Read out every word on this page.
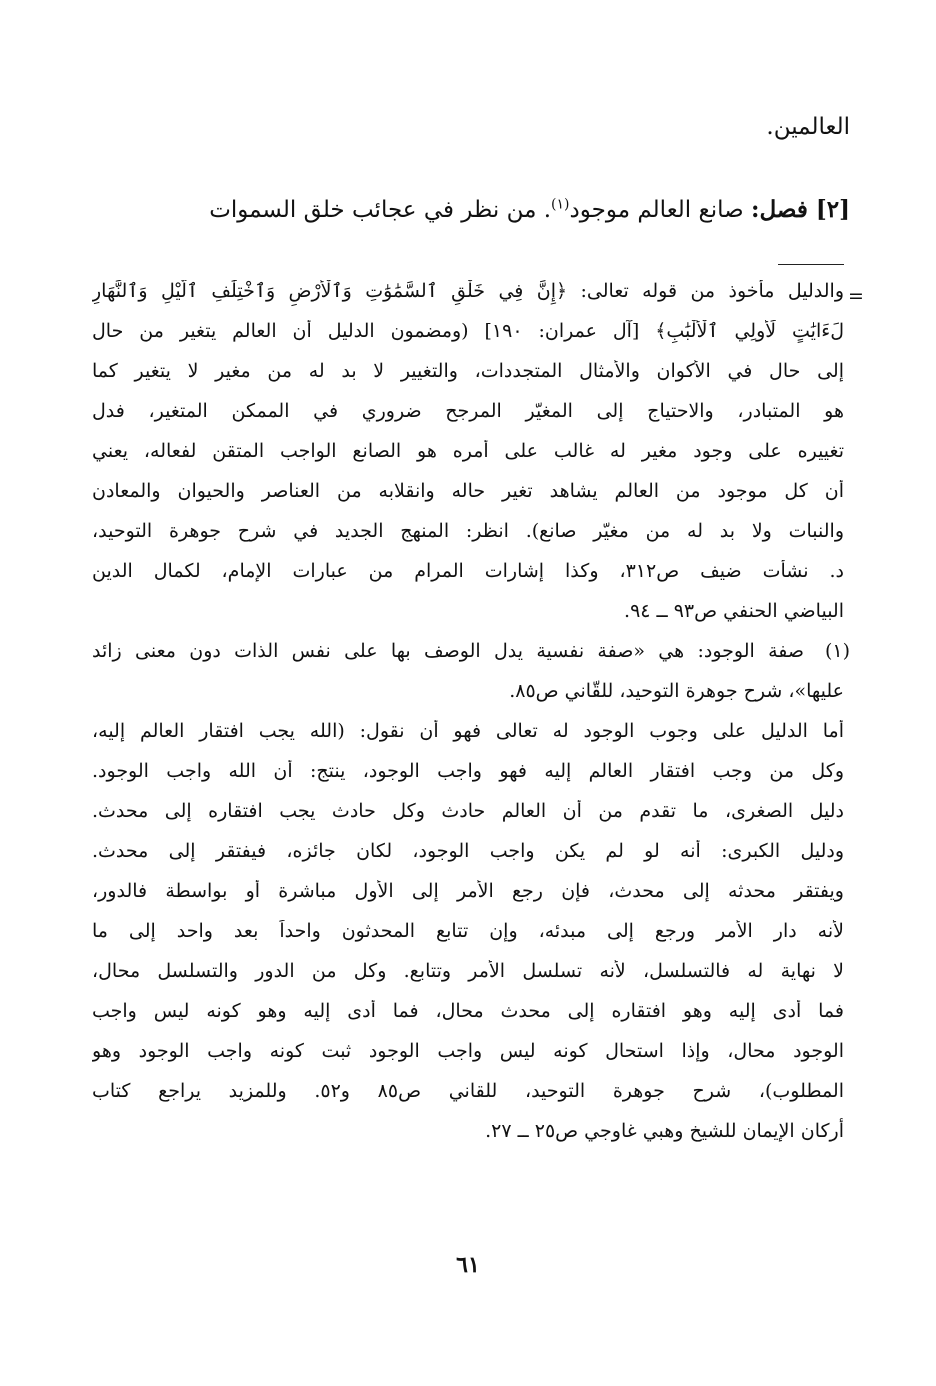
العالمين.
[٢] فصل: صانع العالم موجود$^{(١)}$. من نظر في عجائب خلق السموات
=
والدليل مأخوذ من قوله تعالى: ﴿إِنَّ فِي خَلْقِ ٱلسَّمَٰوَٰتِ وَٱلْأَرْضِ وَٱخْتِلَٰفِ ٱلَّيْلِ وَٱلنَّهَارِ
لَءَايَٰتٍ لِّأُولِي ٱلْأَلْبَٰبِ﴾ [آل عمران: ١٩٠] (ومضمون الدليل أن العالم يتغير من حال
إلى حال في الأكوان والأمثال المتجددات، والتغيير لا بد له من مغير لا يتغير كما
هو المتبادر، والاحتياج إلى المغيّر المرجح ضروري في الممكن المتغير، فدل
تغييره على وجود مغير له غالب على أمره هو الصانع الواجب المتقن لفعاله، يعني
أن كل موجود من العالم يشاهد تغير حاله وانقلابه من العناصر والحيوان والمعادن
والنبات ولا بد له من مغيّر صانع). انظر: المنهج الجديد في شرح جوهرة التوحيد،
د. نشأت ضيف ص٣١٢، وكذا إشارات المرام من عبارات الإمام، لكمال الدين
البياضي الحنفي ص٩٣ ــ ٩٤.
(١)
صفة الوجود: هي «صفة نفسية يدل الوصف بها على نفس الذات دون معنى زائد
عليها»، شرح جوهرة التوحيد، للقّاني ص٨٥.
أما الدليل على وجوب الوجود له تعالى فهو أن نقول: (الله يجب افتقار العالم إليه،
وكل من وجب افتقار العالم إليه فهو واجب الوجود، ينتج: أن الله واجب الوجود.
دليل الصغرى، ما تقدم من أن العالم حادث وكل حادث يجب افتقاره إلى محدث.
ودليل الكبرى: أنه لو لم يكن واجب الوجود، لكان جائزه، فيفتقر إلى محدث.
ويفتقر محدثه إلى محدث، فإن رجع الأمر إلى الأول مباشرة أو بواسطة فالدور،
لأنه دار الأمر ورجع إلى مبدئه، وإن تتابع المحدثون واحداً بعد واحد إلى ما
لا نهاية له فالتسلسل، لأنه تسلسل الأمر وتتابع. وكل من الدور والتسلسل محال،
فما أدى إليه وهو افتقاره إلى محدث محال، فما أدى إليه وهو كونه ليس واجب
الوجود محال، وإذا استحال كونه ليس واجب الوجود ثبت كونه واجب الوجود وهو
المطلوب)، شرح جوهرة التوحيد، للقاني ص٨٥ و٥٢. وللمزيد يراجع كتاب
أركان الإيمان للشيخ وهبي غاوجي ص٢٥ ــ ٢٧.
٦١
